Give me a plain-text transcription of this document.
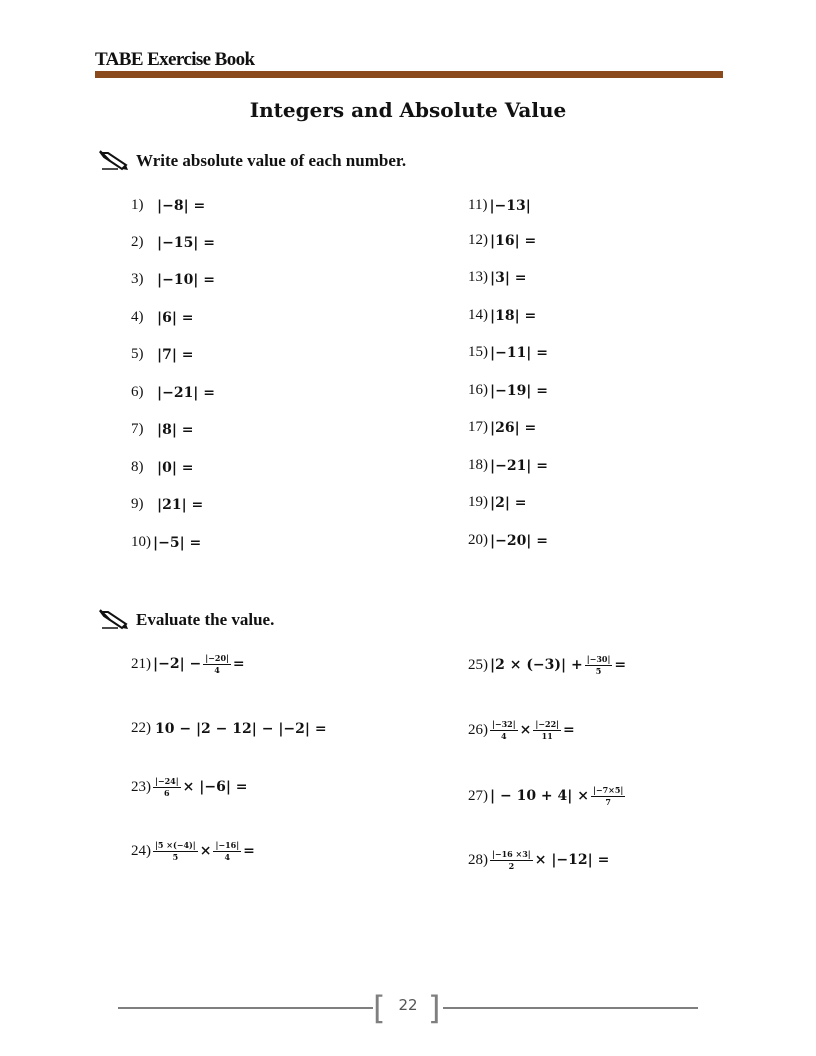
TABE Exercise Book
Integers and Absolute Value
Write absolute value of each number.
1) |−8| =
2) |−15| =
3) |−10| =
4) |6| =
5) |7| =
6) |−21| =
7) |8| =
8) |0| =
9) |21| =
10) |−5| =
11) |−13|
12) |16| =
13) |3| =
14) |18| =
15) |−11| =
16) |−19| =
17) |26| =
18) |−21| =
19) |2| =
20) |−20| =
Evaluate the value.
21) $|-2| - \frac{|-20|}{4}$ =
22) 10 − |2 − 12| − |−2| =
$23) \frac{|-24|}{6} \times |-6|$ =
$24) \frac{|5 \times(-4)|}{5} \times \frac{|-16|}{4}$ =
25) $|2 \times (-3)| + \frac{|-30|}{5}$ =
$26) \frac{|-32|}{4} \times \frac{|-22|}{11}$ =
27) | − $10 + 4| \times \frac{|-7\times 5|}{7}$
$28) \frac{|-16 \times 3|}{2} \times |-12|$ =
[ 22 ]
